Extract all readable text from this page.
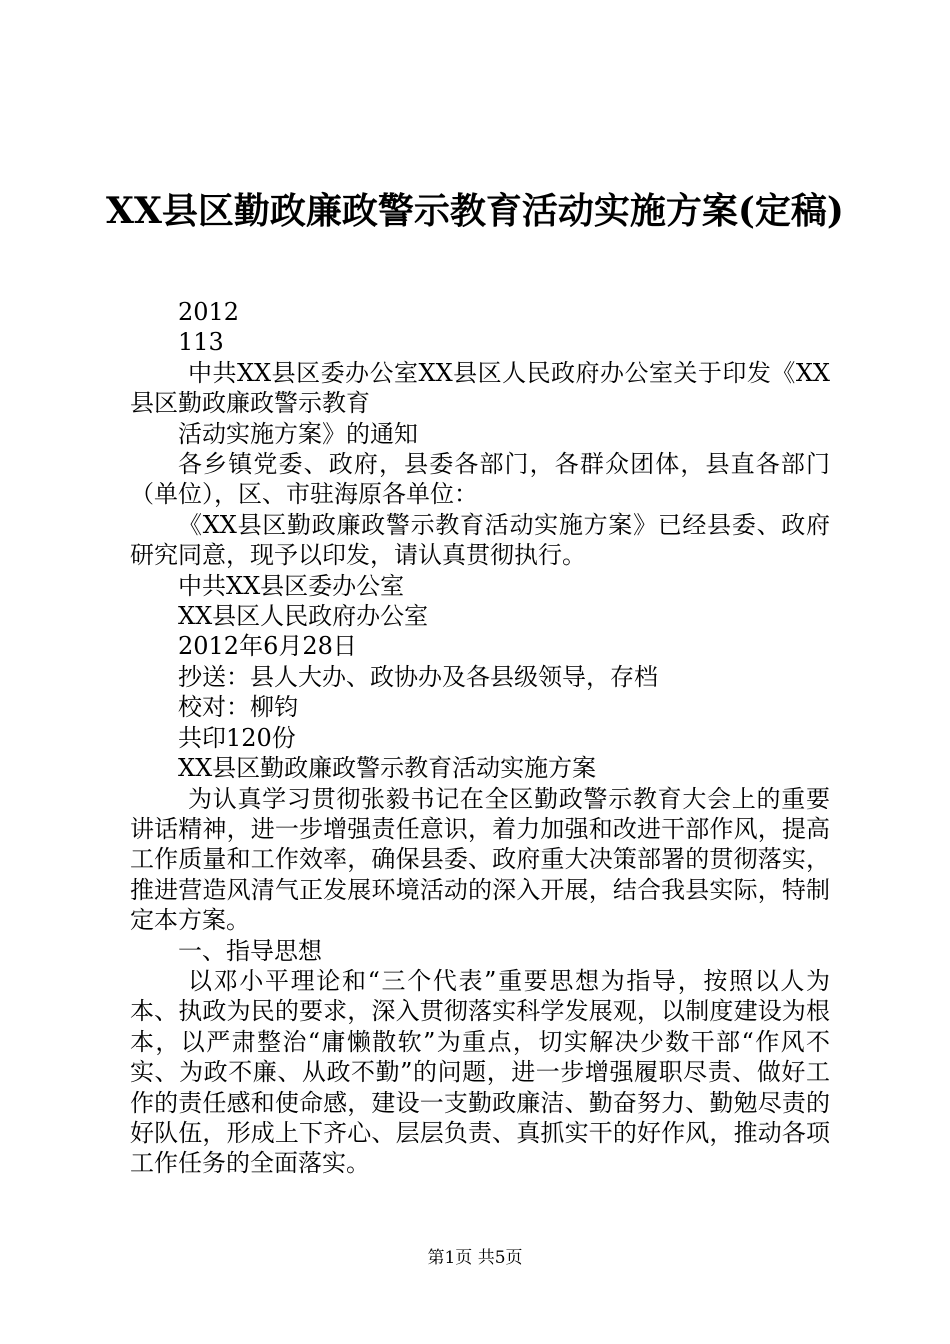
XX县区勤政廉政警示教育活动实施方案(定稿)

2012

113

中共XX县区委办公室XX县区人民政府办公室关于印发《XX县区勤政廉政警示教育

活动实施方案》的通知

各乡镇党委、政府，县委各部门，各群众团体，县直各部门（单位），区、市驻海原各单位：

《XX县区勤政廉政警示教育活动实施方案》已经县委、政府研究同意，现予以印发，请认真贯彻执行。

中共XX县区委办公室

XX县区人民政府办公室

2012年6月28日

抄送：县人大办、政协办及各县级领导，存档

校对：柳钧

共印120份

XX县区勤政廉政警示教育活动实施方案

为认真学习贯彻张毅书记在全区勤政警示教育大会上的重要讲话精神，进一步增强责任意识，着力加强和改进干部作风，提高工作质量和工作效率，确保县委、政府重大决策部署的贯彻落实，推进营造风清气正发展环境活动的深入开展，结合我县实际，特制定本方案。

一、指导思想

以邓小平理论和“三个代表”重要思想为指导，按照以人为本、执政为民的要求，深入贯彻落实科学发展观，以制度建设为根本，以严肃整治“庸懒散软”为重点，切实解决少数干部“作风不实、为政不廉、从政不勤”的问题，进一步增强履职尽责、做好工作的责任感和使命感，建设一支勤政廉洁、勤奋努力、勤勉尽责的好队伍，形成上下齐心、层层负责、真抓实干的好作风，推动各项工作任务的全面落实。

第1页 共5页
